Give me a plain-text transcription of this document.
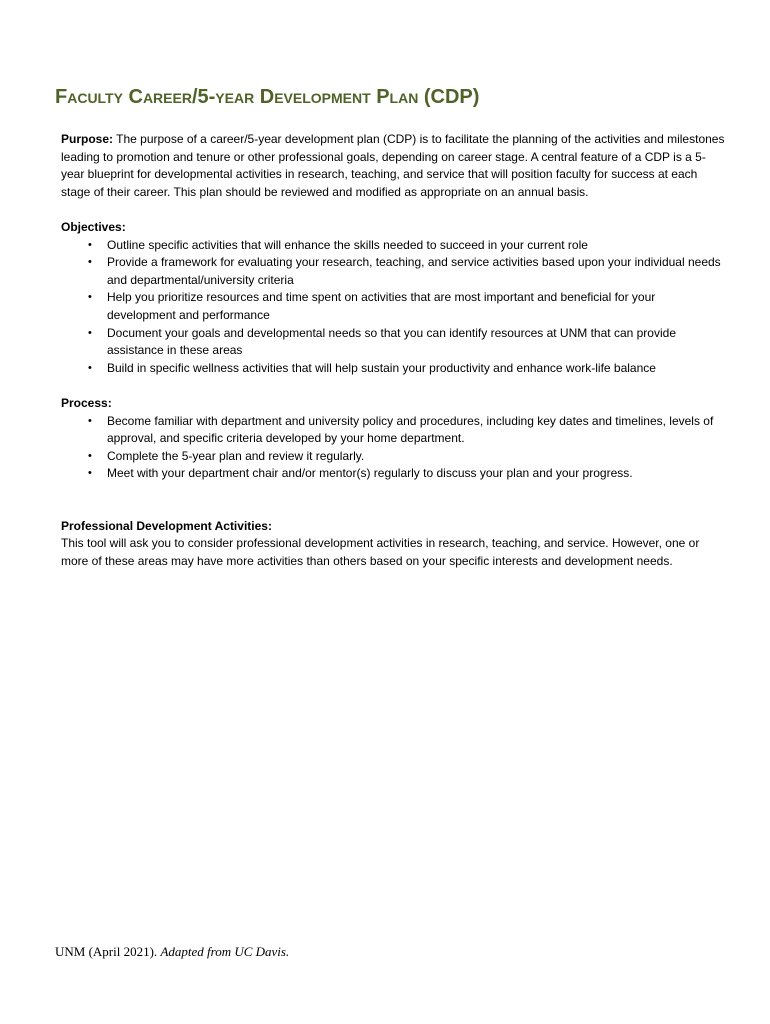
Faculty Career/5-year Development Plan (CDP)

Purpose: The purpose of a career/5-year development plan (CDP) is to facilitate the planning of the activities and milestones leading to promotion and tenure or other professional goals, depending on career stage. A central feature of a CDP is a 5-year blueprint for developmental activities in research, teaching, and service that will position faculty for success at each stage of their career. This plan should be reviewed and modified as appropriate on an annual basis.

Objectives:

• Outline specific activities that will enhance the skills needed to succeed in your current role
• Provide a framework for evaluating your research, teaching, and service activities based upon your individual needs and departmental/university criteria
• Help you prioritize resources and time spent on activities that are most important and beneficial for your development and performance
• Document your goals and developmental needs so that you can identify resources at UNM that can provide assistance in these areas
• Build in specific wellness activities that will help sustain your productivity and enhance work-life balance

Process:

• Become familiar with department and university policy and procedures, including key dates and timelines, levels of approval, and specific criteria developed by your home department.
• Complete the 5-year plan and review it regularly.
• Meet with your department chair and/or mentor(s) regularly to discuss your plan and your progress.

Professional Development Activities:

This tool will ask you to consider professional development activities in research, teaching, and service. However, one or more of these areas may have more activities than others based on your specific interests and development needs.

UNM (April 2021). Adapted from UC Davis.
